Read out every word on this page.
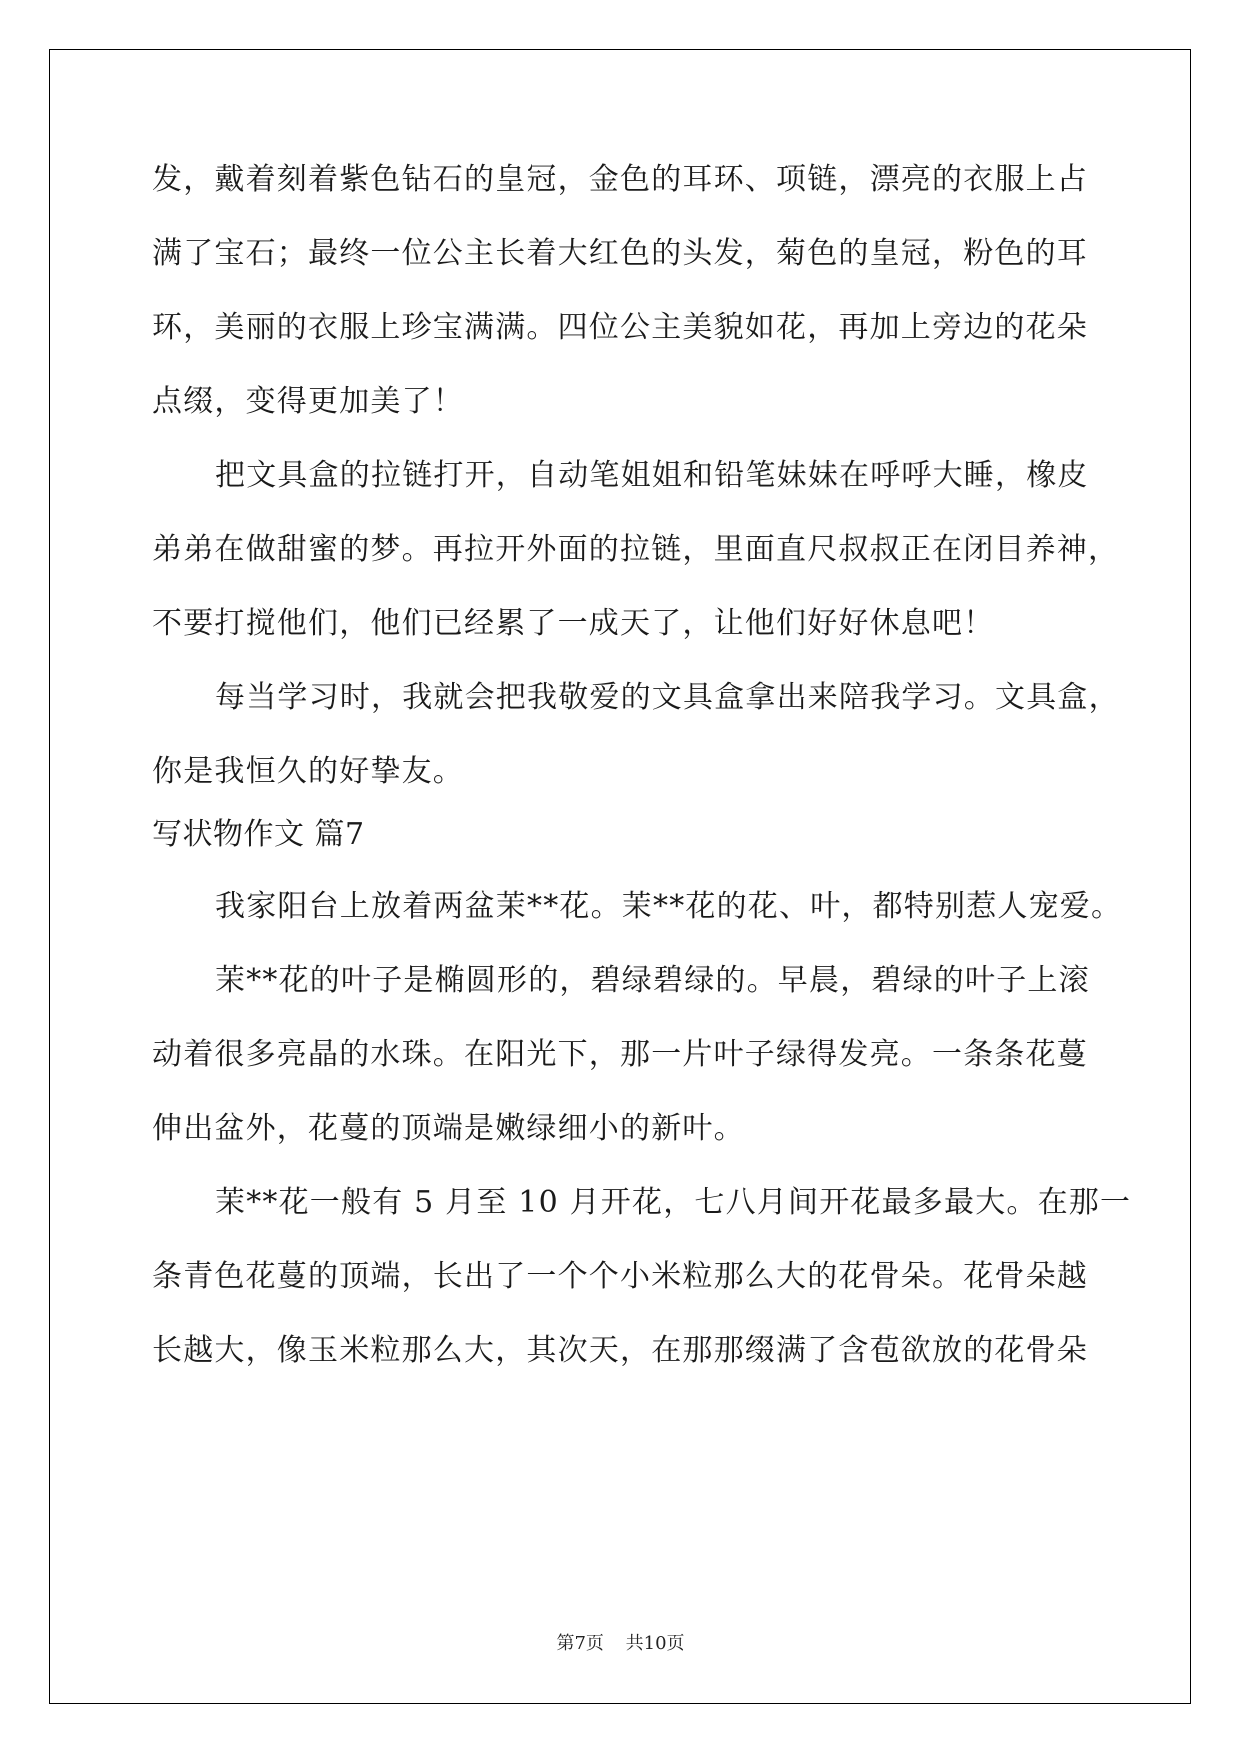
发，戴着刻着紫色钻石的皇冠，金色的耳环、项链，漂亮的衣服上占
满了宝石；最终一位公主长着大红色的头发，菊色的皇冠，粉色的耳
环，美丽的衣服上珍宝满满。四位公主美貌如花，再加上旁边的花朵
点缀，变得更加美了！
把文具盒的拉链打开，自动笔姐姐和铅笔妹妹在呼呼大睡，橡皮
弟弟在做甜蜜的梦。再拉开外面的拉链，里面直尺叔叔正在闭目养神，
不要打搅他们，他们已经累了一成天了，让他们好好休息吧！
每当学习时，我就会把我敬爱的文具盒拿出来陪我学习。文具盒，
你是我恒久的好挚友。
写状物作文 篇7
我家阳台上放着两盆茉**花。茉**花的花、叶，都特别惹人宠爱。
茉**花的叶子是椭圆形的，碧绿碧绿的。早晨，碧绿的叶子上滚
动着很多亮晶的水珠。在阳光下，那一片叶子绿得发亮。一条条花蔓
伸出盆外，花蔓的顶端是嫩绿细小的新叶。
茉**花一般有 5 月至 10 月开花，七八月间开花最多最大。在那一
条青色花蔓的顶端，长出了一个个小米粒那么大的花骨朵。花骨朵越
长越大，像玉米粒那么大，其次天，在那那缀满了含苞欲放的花骨朵
第7页 共10页
